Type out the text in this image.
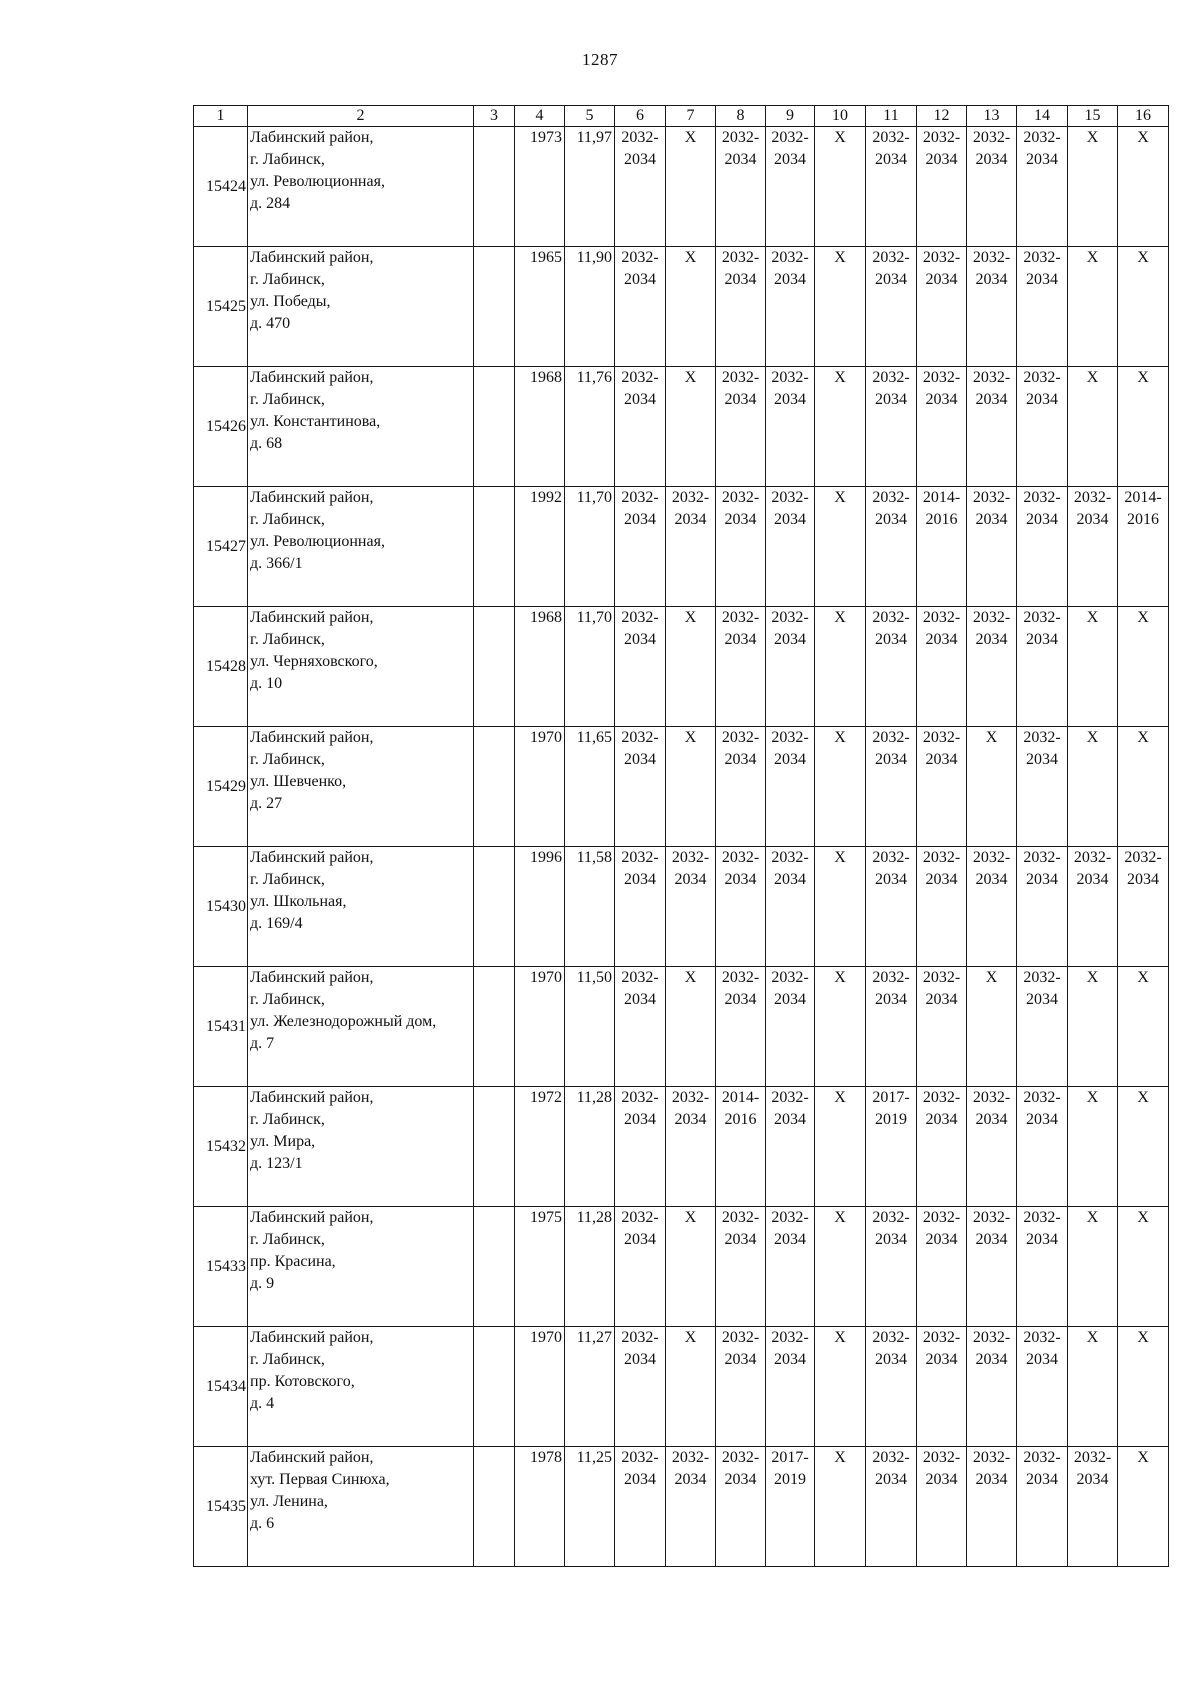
1287
1	2	3	4	5	6	7	8	9	10	11	12	13	14	15	16
15424	Лабинский район,
г. Лабинск,
ул. Революционная,
д. 284		1973	11,97	2032-
2034	Х	2032-
2034	2032-
2034	Х	2032-
2034	2032-
2034	2032-
2034	2032-
2034	Х	Х

15425	Лабинский район,
г. Лабинск,
ул. Победы,
д. 470		1965	11,90	2032-
2034	Х	2032-
2034	2032-
2034	Х	2032-
2034	2032-
2034	2032-
2034	2032-
2034	Х	Х

15426	Лабинский район,
г. Лабинск,
ул. Константинова,
д. 68		1968	11,76	2032-
2034	Х	2032-
2034	2032-
2034	Х	2032-
2034	2032-
2034	2032-
2034	2032-
2034	Х	Х

15427	Лабинский район,
г. Лабинск,
ул. Революционная,
д. 366/1		1992	11,70	2032-
2034	2032-
2034	2032-
2034	2032-
2034	Х	2032-
2034	2014-
2016	2032-
2034	2032-
2034	2032-
2034	2014-
2016

15428	Лабинский район,
г. Лабинск,
ул. Черняховского,
д. 10		1968	11,70	2032-
2034	Х	2032-
2034	2032-
2034	Х	2032-
2034	2032-
2034	2032-
2034	2032-
2034	Х	Х

15429	Лабинский район,
г. Лабинск,
ул. Шевченко,
д. 27		1970	11,65	2032-
2034	Х	2032-
2034	2032-
2034	Х	2032-
2034	2032-
2034	Х	2032-
2034	Х	Х

15430	Лабинский район,
г. Лабинск,
ул. Школьная,
д. 169/4		1996	11,58	2032-
2034	2032-
2034	2032-
2034	2032-
2034	Х	2032-
2034	2032-
2034	2032-
2034	2032-
2034	2032-
2034	2032-
2034

15431	Лабинский район,
г. Лабинск,
ул. Железнодорожный дом,
д. 7		1970	11,50	2032-
2034	Х	2032-
2034	2032-
2034	Х	2032-
2034	2032-
2034	Х	2032-
2034	Х	Х

15432	Лабинский район,
г. Лабинск,
ул. Мира,
д. 123/1		1972	11,28	2032-
2034	2032-
2034	2014-
2016	2032-
2034	Х	2017-
2019	2032-
2034	2032-
2034	2032-
2034	Х	Х

15433	Лабинский район,
г. Лабинск,
пр. Красина,
д. 9		1975	11,28	2032-
2034	Х	2032-
2034	2032-
2034	Х	2032-
2034	2032-
2034	2032-
2034	2032-
2034	Х	Х

15434	Лабинский район,
г. Лабинск,
пр. Котовского,
д. 4		1970	11,27	2032-
2034	Х	2032-
2034	2032-
2034	Х	2032-
2034	2032-
2034	2032-
2034	2032-
2034	Х	Х

15435	Лабинский район,
хут. Первая Синюха,
ул. Ленина,
д. 6		1978	11,25	2032-
2034	2032-
2034	2032-
2034	2017-
2019	Х	2032-
2034	2032-
2034	2032-
2034	2032-
2034	2032-
2034	Х
